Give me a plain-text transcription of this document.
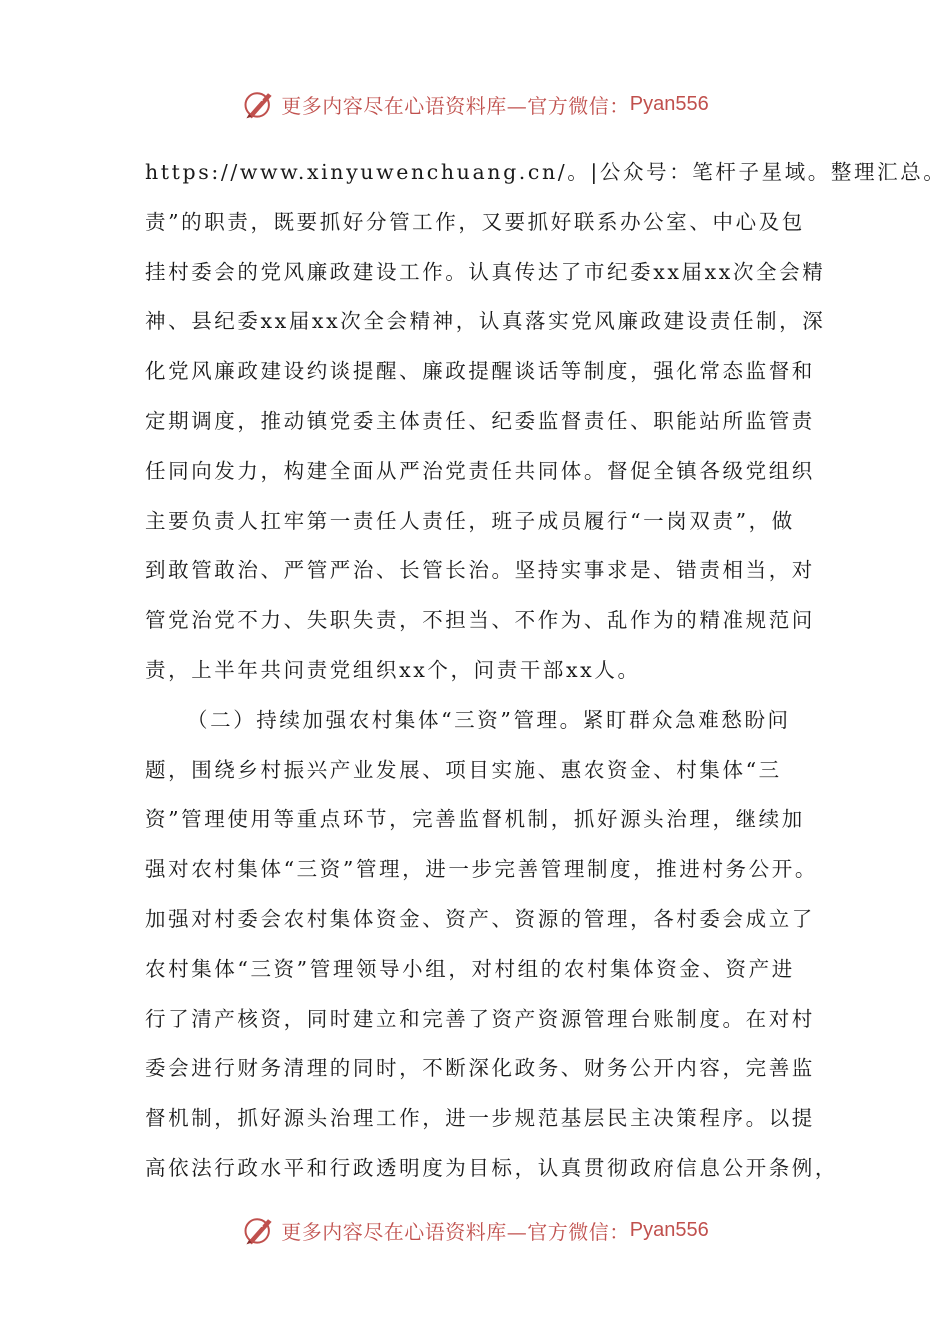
更多内容尽在心语资料库—官方微信： Pyan556
https://www.xinyuwenchuang.cn/。|公众号：笔杆子星域。整理汇总。
责”的职责，既要抓好分管工作，又要抓好联系办公室、中心及包
挂村委会的党风廉政建设工作。认真传达了市纪委xx届xx次全会精
神、县纪委xx届xx次全会精神，认真落实党风廉政建设责任制，深
化党风廉政建设约谈提醒、廉政提醒谈话等制度，强化常态监督和
定期调度，推动镇党委主体责任、纪委监督责任、职能站所监管责
任同向发力，构建全面从严治党责任共同体。督促全镇各级党组织
主要负责人扛牢第一责任人责任，班子成员履行“一岗双责”，做
到敢管敢治、严管严治、长管长治。坚持实事求是、错责相当，对
管党治党不力、失职失责，不担当、不作为、乱作为的精准规范问
责，上半年共问责党组织xx个，问责干部xx人。
（二）持续加强农村集体“三资”管理。紧盯群众急难愁盼问
题，围绕乡村振兴产业发展、项目实施、惠农资金、村集体“三
资”管理使用等重点环节，完善监督机制，抓好源头治理，继续加
强对农村集体“三资”管理，进一步完善管理制度，推进村务公开。
加强对村委会农村集体资金、资产、资源的管理，各村委会成立了
农村集体“三资”管理领导小组，对村组的农村集体资金、资产进
行了清产核资，同时建立和完善了资产资源管理台账制度。在对村
委会进行财务清理的同时，不断深化政务、财务公开内容，完善监
督机制，抓好源头治理工作，进一步规范基层民主决策程序。以提
高依法行政水平和行政透明度为目标，认真贯彻政府信息公开条例，
更多内容尽在心语资料库—官方微信： Pyan556
